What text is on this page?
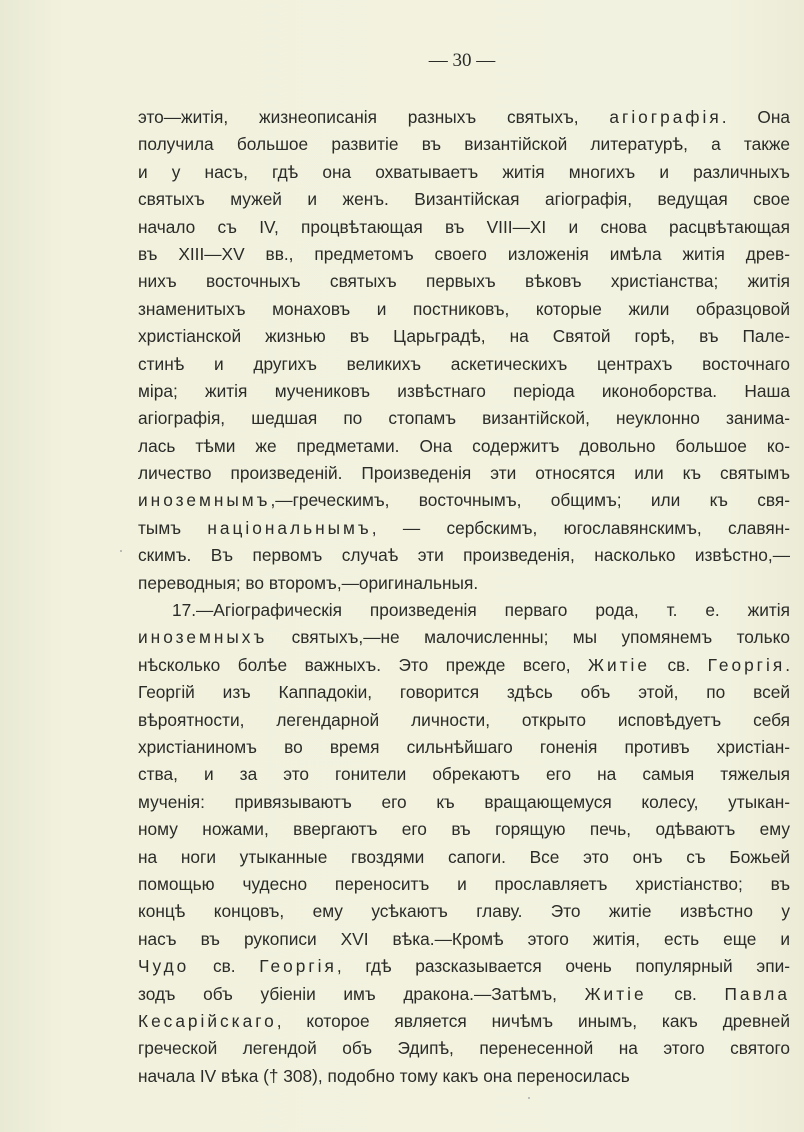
— 30 —
это—житія, жизнеописанія разныхъ святыхъ, агіографія. Она
получила большое развитіе въ византійской литературѣ, а также
и у насъ, гдѣ она охватываетъ житія многихъ и различныхъ
святыхъ мужей и женъ. Византійская агіографія, ведущая свое
начало съ IV, процвѣтающая въ VIII—XI и снова расцвѣтающая
въ XIII—XV вв., предметомъ своего изложенія имѣла житія древ-
нихъ восточныхъ святыхъ первыхъ вѣковъ христіанства; житія
знаменитыхъ монаховъ и постниковъ, которые жили образцовой
христіанской жизнью въ Царьградѣ, на Святой горѣ, въ Пале-
стинѣ и другихъ великихъ аскетическихъ центрахъ восточнаго
міра; житія мучениковъ извѣстнаго періода иконоборства. Наша
агіографія, шедшая по стопамъ византійской, неуклонно занима-
лась тѣми же предметами. Она содержитъ довольно большое ко-
личество произведеній. Произведенія эти относятся или къ святымъ
иноземнымъ,—греческимъ, восточнымъ, общимъ; или къ свя-
тымъ національнымъ, — сербскимъ, югославянскимъ, славян-
скимъ. Въ первомъ случаѣ эти произведенія, насколько извѣстно,—
переводныя; во второмъ,—оригинальныя.
17.—Агіографическія произведенія перваго рода, т. е. житія
иноземныхъ святыхъ,—не малочисленны; мы упомянемъ только
нѣсколько болѣе важныхъ. Это прежде всего, Житіе св. Георгія.
Георгій изъ Каппадокіи, говорится здѣсь объ этой, по всей
вѣроятности, легендарной личности, открыто исповѣдуетъ себя
христіаниномъ во время сильнѣйшаго гоненія противъ христіан-
ства, и за это гонители обрекаютъ его на самыя тяжелыя
мученія: привязываютъ его къ вращающемуся колесу, утыкан-
ному ножами, ввергаютъ его въ горящую печь, одѣваютъ ему
на ноги утыканные гвоздями сапоги. Все это онъ съ Божьей
помощью чудесно переноситъ и прославляетъ христіанство; въ
концѣ концовъ, ему усѣкаютъ главу. Это житіе извѣстно у
насъ въ рукописи XVI вѣка.—Кромѣ этого житія, есть еще и
Чудо св. Георгія, гдѣ разсказывается очень популярный эпи-
зодъ объ убіеніи имъ дракона.—Затѣмъ, Житіе св. Павла
Кесарійскаго, которое является ничѣмъ инымъ, какъ древней
греческой легендой объ Эдипѣ, перенесенной на этого святого
начала IV вѣка († 308), подобно тому какъ она переносилась
